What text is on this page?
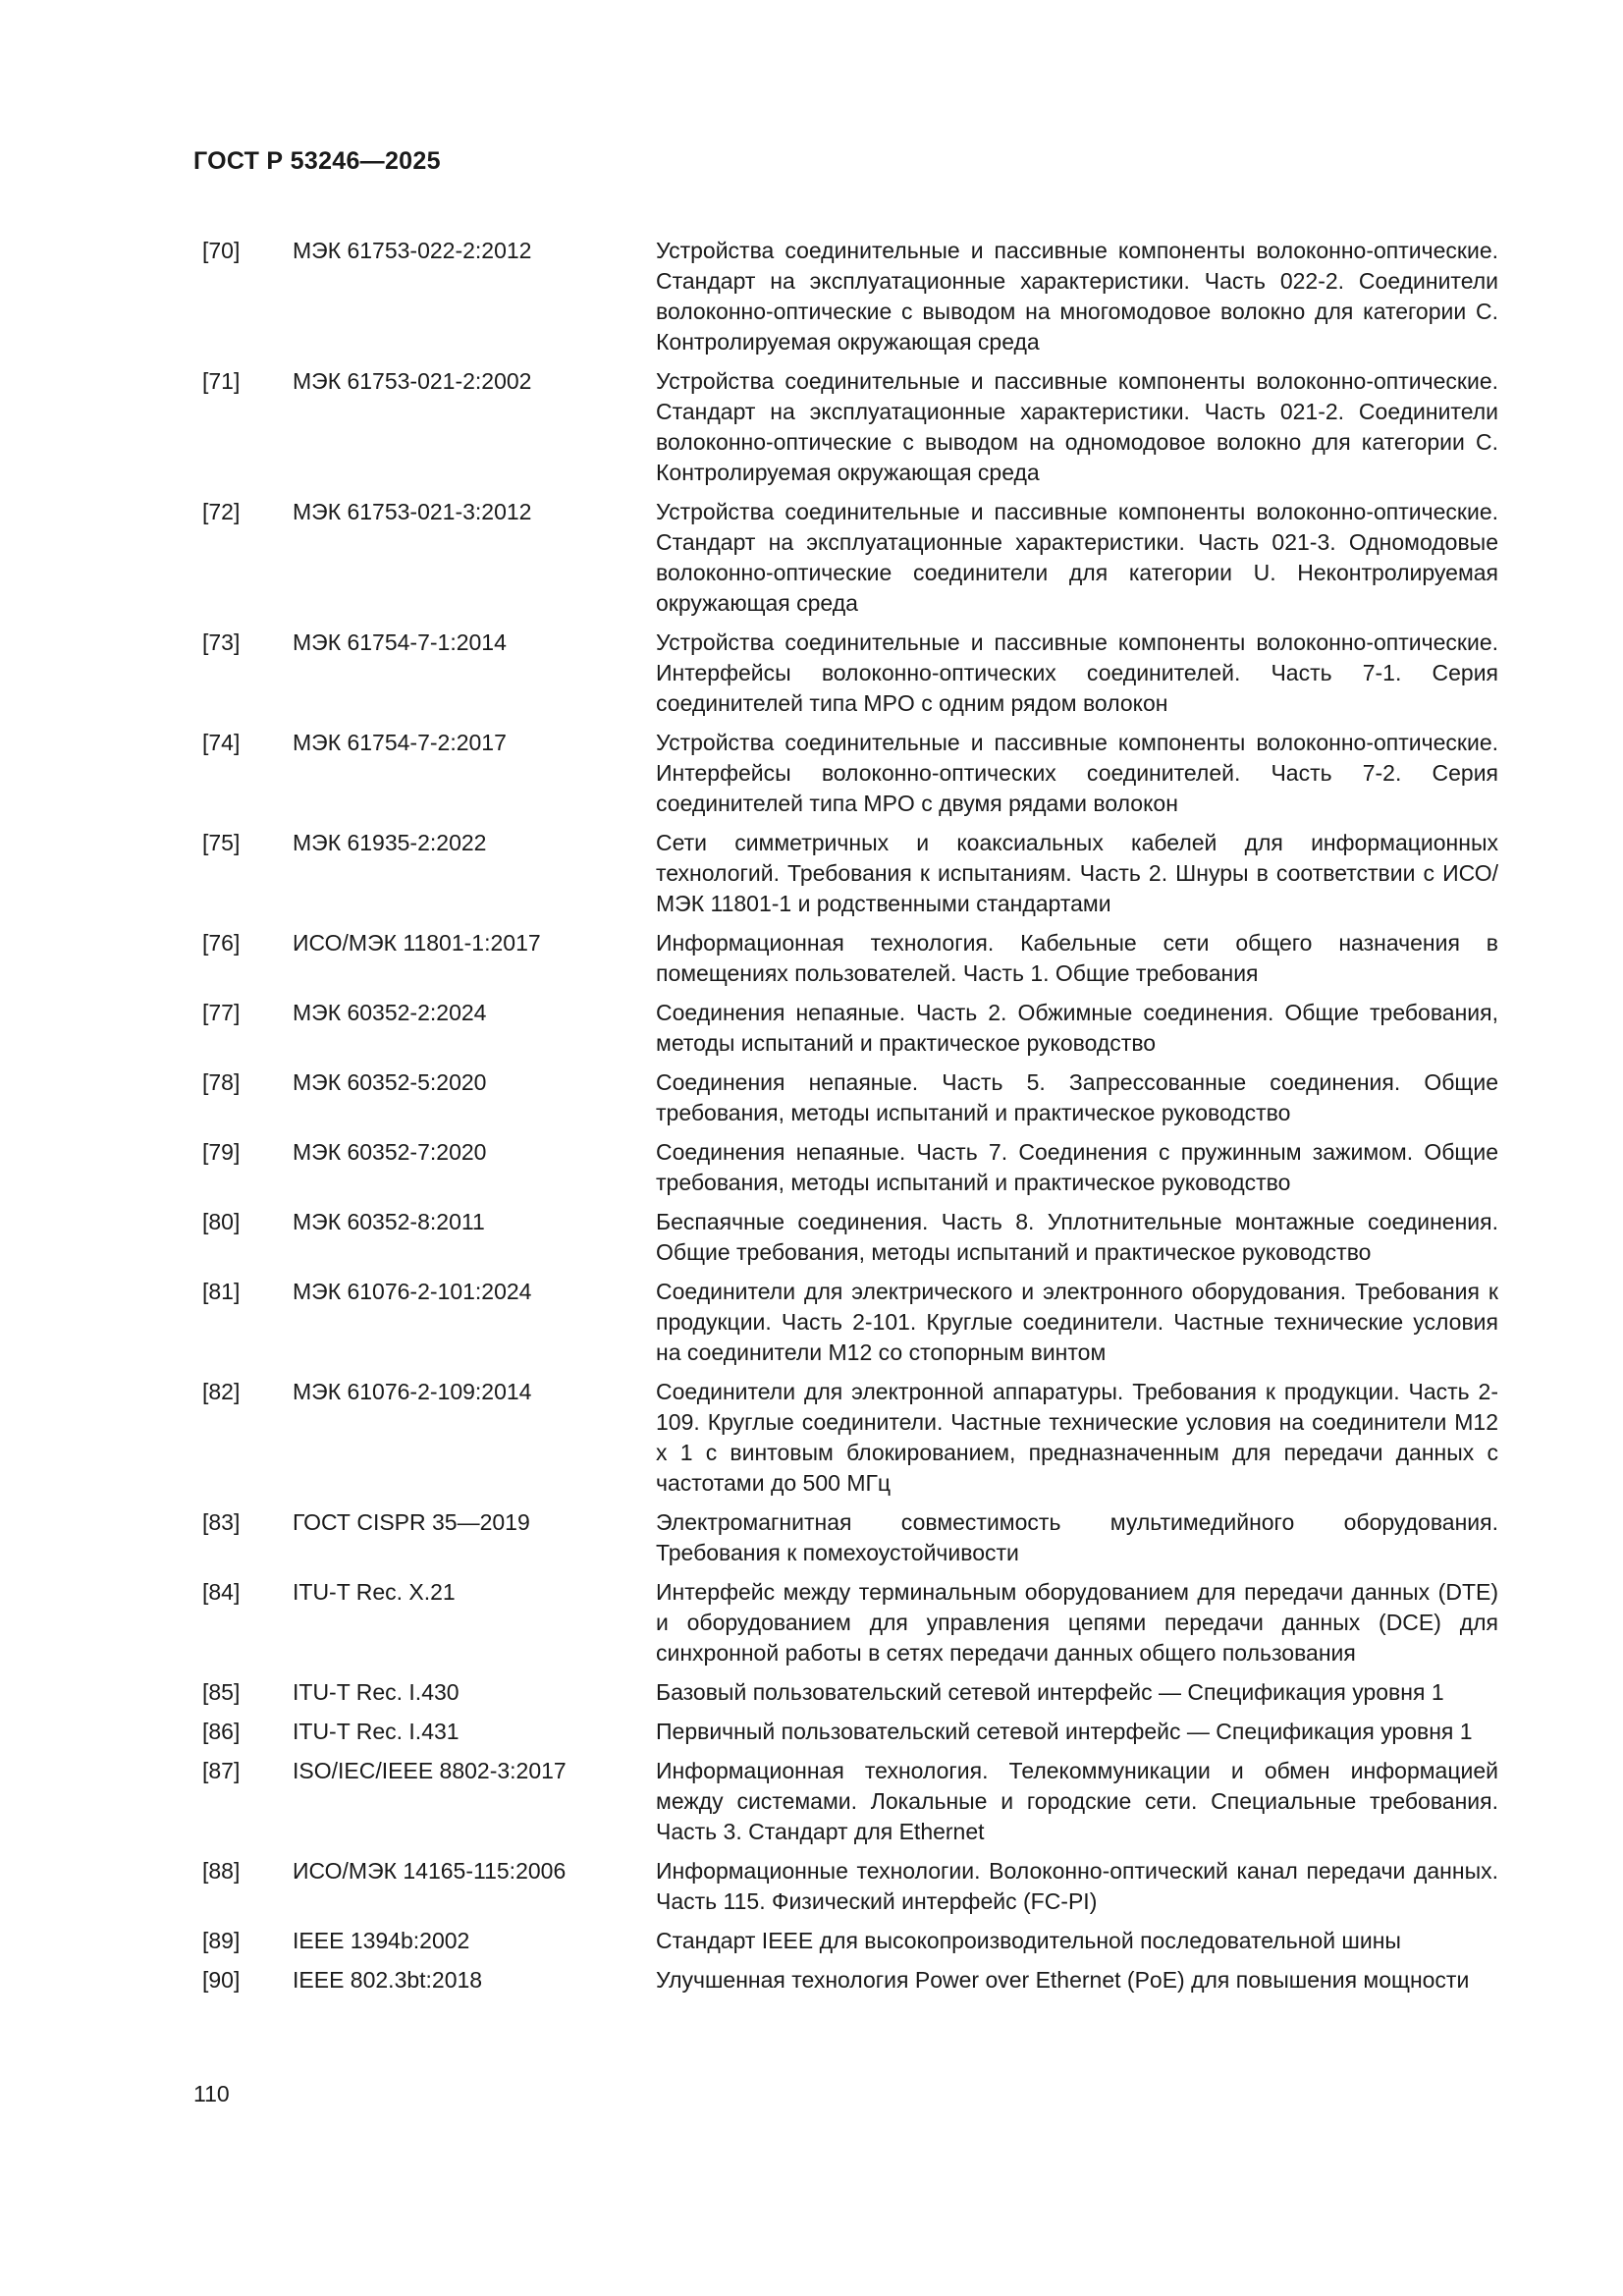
ГОСТ Р 53246—2025
[70]	МЭК 61753-022-2:2012	Устройства соединительные и пассивные компоненты волоконно-оптические. Стандарт на эксплуатационные характеристики. Часть 022-2. Соединители волоконно-оптические с выводом на многомодовое волокно для категории C. Контролируемая окружающая среда
[71]	МЭК 61753-021-2:2002	Устройства соединительные и пассивные компоненты волоконно-оптические. Стандарт на эксплуатационные характеристики. Часть 021-2. Соединители волоконно-оптические с выводом на одномодовое волокно для категории C. Контролируемая окружающая среда
[72]	МЭК 61753-021-3:2012	Устройства соединительные и пассивные компоненты волоконно-оптические. Стандарт на эксплуатационные характеристики. Часть 021-3. Одномодовые волоконно-оптические соединители для категории U. Неконтролируемая окружающая среда
[73]	МЭК 61754-7-1:2014	Устройства соединительные и пассивные компоненты волоконно-оптические. Интерфейсы волоконно-оптических соединителей. Часть 7-1. Серия соединителей типа MPO с одним рядом волокон
[74]	МЭК 61754-7-2:2017	Устройства соединительные и пассивные компоненты волоконно-оптические. Интерфейсы волоконно-оптических соединителей. Часть 7-2. Серия соединителей типа MPO с двумя рядами волокон
[75]	МЭК 61935-2:2022	Сети симметричных и коаксиальных кабелей для информационных технологий. Требования к испытаниям. Часть 2. Шнуры в соответствии с ИСО/МЭК 11801-1 и родственными стандартами
[76]	ИСО/МЭК 11801-1:2017	Информационная технология. Кабельные сети общего назначения в помещениях пользователей. Часть 1. Общие требования
[77]	МЭК 60352-2:2024	Соединения непаяные. Часть 2. Обжимные соединения. Общие требования, методы испытаний и практическое руководство
[78]	МЭК 60352-5:2020	Соединения непаяные. Часть 5. Запрессованные соединения. Общие требования, методы испытаний и практическое руководство
[79]	МЭК 60352-7:2020	Соединения непаяные. Часть 7. Соединения с пружинным зажимом. Общие требования, методы испытаний и практическое руководство
[80]	МЭК 60352-8:2011	Беспаячные соединения. Часть 8. Уплотнительные монтажные соединения. Общие требования, методы испытаний и практическое руководство
[81]	МЭК 61076-2-101:2024	Соединители для электрического и электронного оборудования. Требования к продукции. Часть 2-101. Круглые соединители. Частные технические условия на соединители M12 со стопорным винтом
[82]	МЭК 61076-2-109:2014	Соединители для электронной аппаратуры. Требования к продукции. Часть 2-109. Круглые соединители. Частные технические условия на соединители M12 x 1 с винтовым блокированием, предназначенным для передачи данных с частотами до 500 МГц
[83]	ГОСТ CISPR 35—2019	Электромагнитная совместимость мультимедийного оборудования. Требования к помехоустойчивости
[84]	ITU-T Rec. X.21	Интерфейс между терминальным оборудованием для передачи данных (DTE) и оборудованием для управления цепями передачи данных (DCE) для синхронной работы в сетях передачи данных общего пользования
[85]	ITU-T Rec. I.430	Базовый пользовательский сетевой интерфейс — Спецификация уровня 1
[86]	ITU-T Rec. I.431	Первичный пользовательский сетевой интерфейс — Спецификация уровня 1
[87]	ISO/IEC/IEEE 8802-3:2017	Информационная технология. Телекоммуникации и обмен информацией между системами. Локальные и городские сети. Специальные требования. Часть 3. Стандарт для Ethernet
[88]	ИСО/МЭК 14165-115:2006	Информационные технологии. Волоконно-оптический канал передачи данных. Часть 115. Физический интерфейс (FC-PI)
[89]	IEEE 1394b:2002	Стандарт IEEE для высокопроизводительной последовательной шины
[90]	IEEE 802.3bt:2018	Улучшенная технология Power over Ethernet (PoE) для повышения мощности
110
